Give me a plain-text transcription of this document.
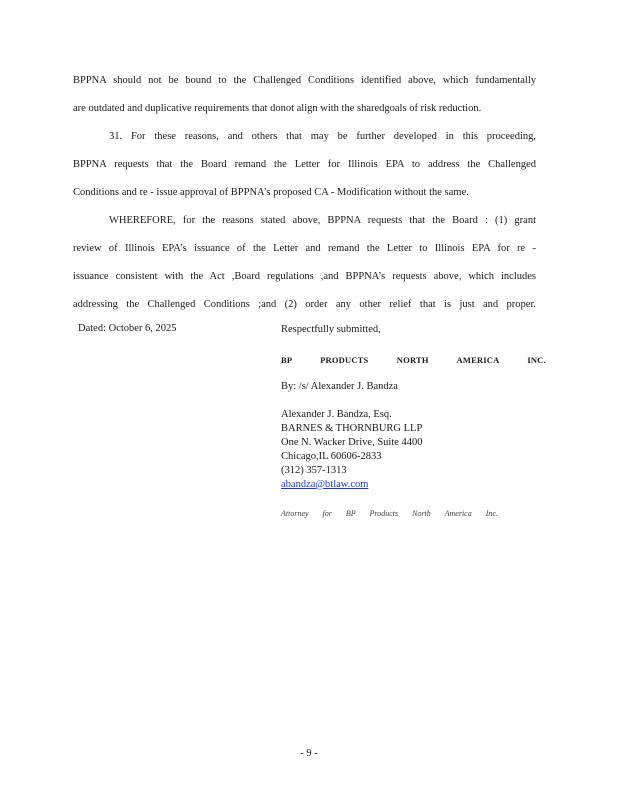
BPPNA should not be bound to the Challenged Conditions identified above, which fundamentally
are outdated and duplicative requirements that donot align with the sharedgoals of risk reduction.
31. For these reasons, and others that may be further developed in this proceeding,
BPPNA requests that the Board remand the Letter for Illinois EPA to address the Challenged
Conditions and re - issue approval of BPPNA’s proposed CA - Modification without the same.
WHEREFORE, for the reasons stated above, BPPNA requests that the Board : (1) grant
review of Illinois EPA’s issuance of the Letter and remand the Letter to Illinois EPA for re -
issuance consistent with the Act ,Board regulations ,and BPPNA’s requests above, which includes
addressing the Challenged Conditions ;and (2) order any other relief that is just and proper.
Dated: October 6, 2025	Respectfully submitted,
BP PRODUCTS NORTH AMERICA INC.
By: /s/ Alexander J. Bandza
Alexander J. Bandza, Esq.
BARNES & THORNBURG LLP
One N. Wacker Drive, Suite 4400
Chicago,IL 60606-2833
(312) 357-1313
abandza@btlaw.com
Attorney for BP Products North America Inc.
- 9 -
